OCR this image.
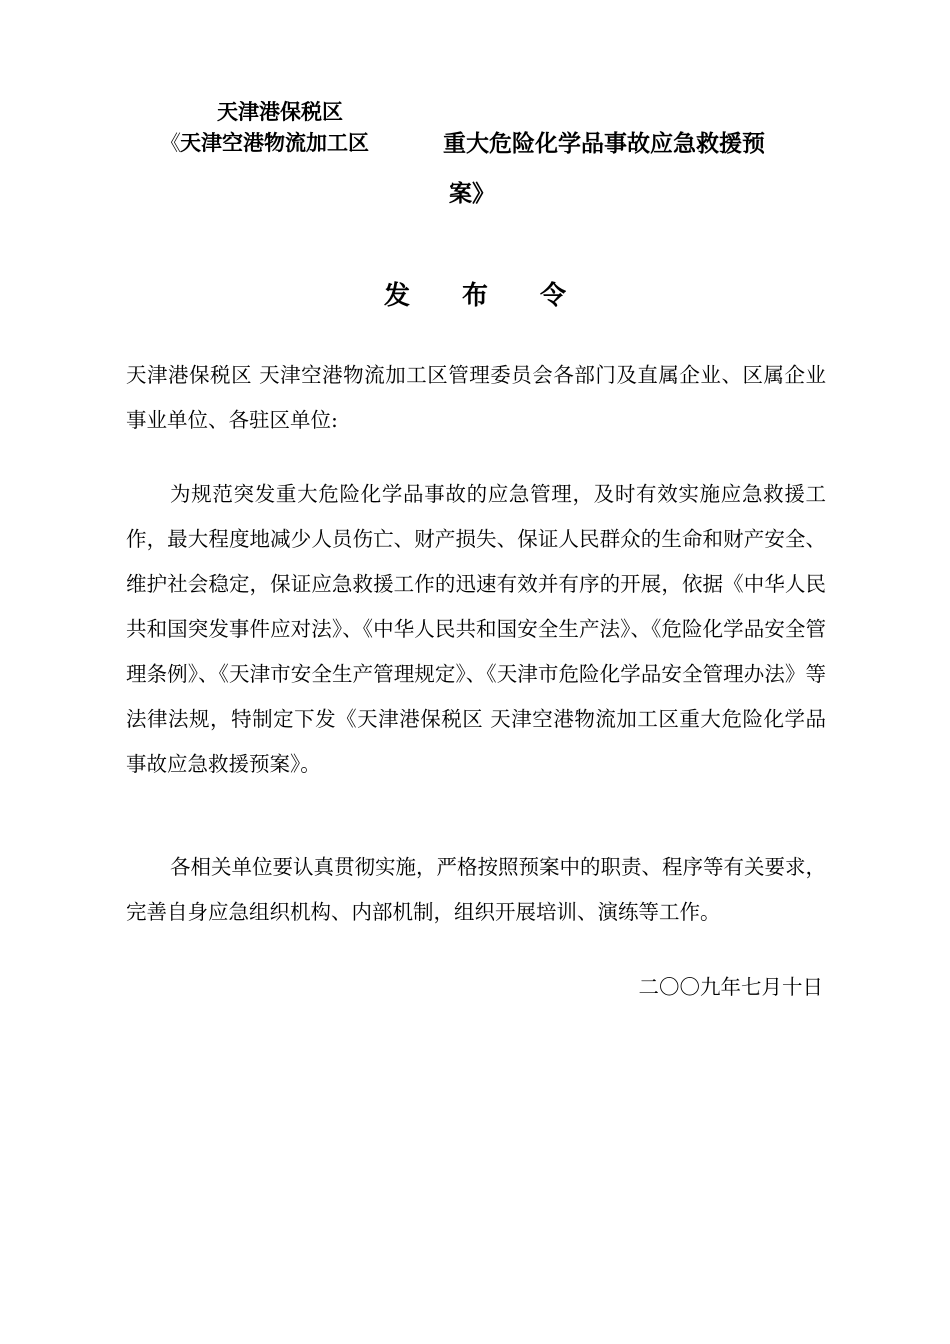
天津港保税区
《天津空港物流加工区	重大危险化学品事故应急救援预
案》
发布令
天津港保税区 天津空港物流加工区管理委员会各部门及直属企业、区属企业事业单位、各驻区单位:
为规范突发重大危险化学品事故的应急管理，及时有效实施应急救援工作，最大程度地减少人员伤亡、财产损失、保证人民群众的生命和财产安全、维护社会稳定，保证应急救援工作的迅速有效并有序的开展，依据《中华人民共和国突发事件应对法》、《中华人民共和国安全生产法》、《危险化学品安全管理条例》、《天津市安全生产管理规定》、《天津市危险化学品安全管理办法》等法律法规，特制定下发《天津港保税区 天津空港物流加工区重大危险化学品事故应急救援预案》。
各相关单位要认真贯彻实施，严格按照预案中的职责、程序等有关要求，完善自身应急组织机构、内部机制，组织开展培训、演练等工作。
二〇〇九年七月十日
